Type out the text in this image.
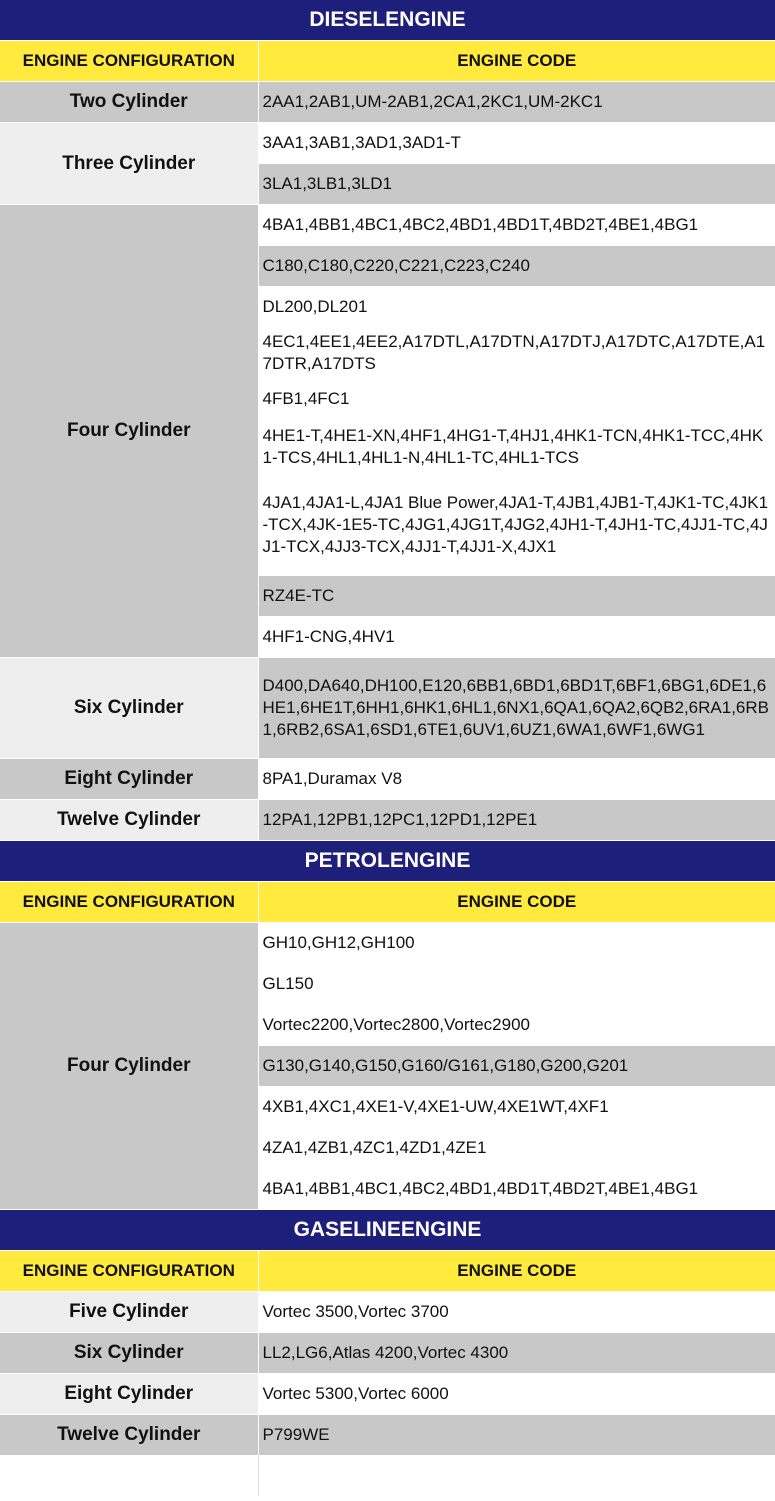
DIESELENGINE	
ENGINE CONFIGURATION	ENGINE CODE
Two Cylinder	2AA1,2AB1,UM-2AB1,2CA1,2KC1,UM-2KC1
Three Cylinder	3AA1,3AB1,3AD1,3AD1-T
	3LA1,3LB1,3LD1
Four Cylinder	4BA1,4BB1,4BC1,4BC2,4BD1,4BD1T,4BD2T,4BE1,4BG1
	C180,C180,C220,C221,C223,C240
	DL200,DL201
	4EC1,4EE1,4EE2,A17DTL,A17DTN,A17DTJ,A17DTC,A17DTE,A17DTR,A17DTS
	4FB1,4FC1
	4HE1-T,4HE1-XN,4HF1,4HG1-T,4HJ1,4HK1-TCN,4HK1-TCC,4HK1-TCS,4HL1,4HL1-N,4HL1-TC,4HL1-TCS
	4JA1,4JA1-L,4JA1 Blue Power,4JA1-T,4JB1,4JB1-T,4JK1-TC,4JK1-TCX,4JK-1E5-TC,4JG1,4JG1T,4JG2,4JH1-T,4JH1-TC,4JJ1-TC,4JJ1-TCX,4JJ3-TCX,4JJ1-T,4JJ1-X,4JX1
	RZ4E-TC
	4HF1-CNG,4HV1
Six Cylinder	D400,DA640,DH100,E120,6BB1,6BD1,6BD1T,6BF1,6BG1,6DE1,6HE1,6HE1T,6HH1,6HK1,6HL1,6NX1,6QA1,6QA2,6QB2,6RA1,6RB1,6RB2,6SA1,6SD1,6TE1,6UV1,6UZ1,6WA1,6WF1,6WG1
Eight Cylinder	8PA1,Duramax V8
Twelve Cylinder	12PA1,12PB1,12PC1,12PD1,12PE1
PETROLENGINE	
ENGINE CONFIGURATION	ENGINE CODE
Four Cylinder	GH10,GH12,GH100
	GL150
	Vortec2200,Vortec2800,Vortec2900
	G130,G140,G150,G160/G161,G180,G200,G201
	4XB1,4XC1,4XE1-V,4XE1-UW,4XE1WT,4XF1
	4ZA1,4ZB1,4ZC1,4ZD1,4ZE1
	4BA1,4BB1,4BC1,4BC2,4BD1,4BD1T,4BD2T,4BE1,4BG1
GASELINEENGINE	
ENGINE CONFIGURATION	ENGINE CODE
Five Cylinder	Vortec 3500,Vortec 3700
Six Cylinder	LL2,LG6,Atlas 4200,Vortec 4300
Eight Cylinder	Vortec 5300,Vortec 6000
Twelve Cylinder	P799WE
